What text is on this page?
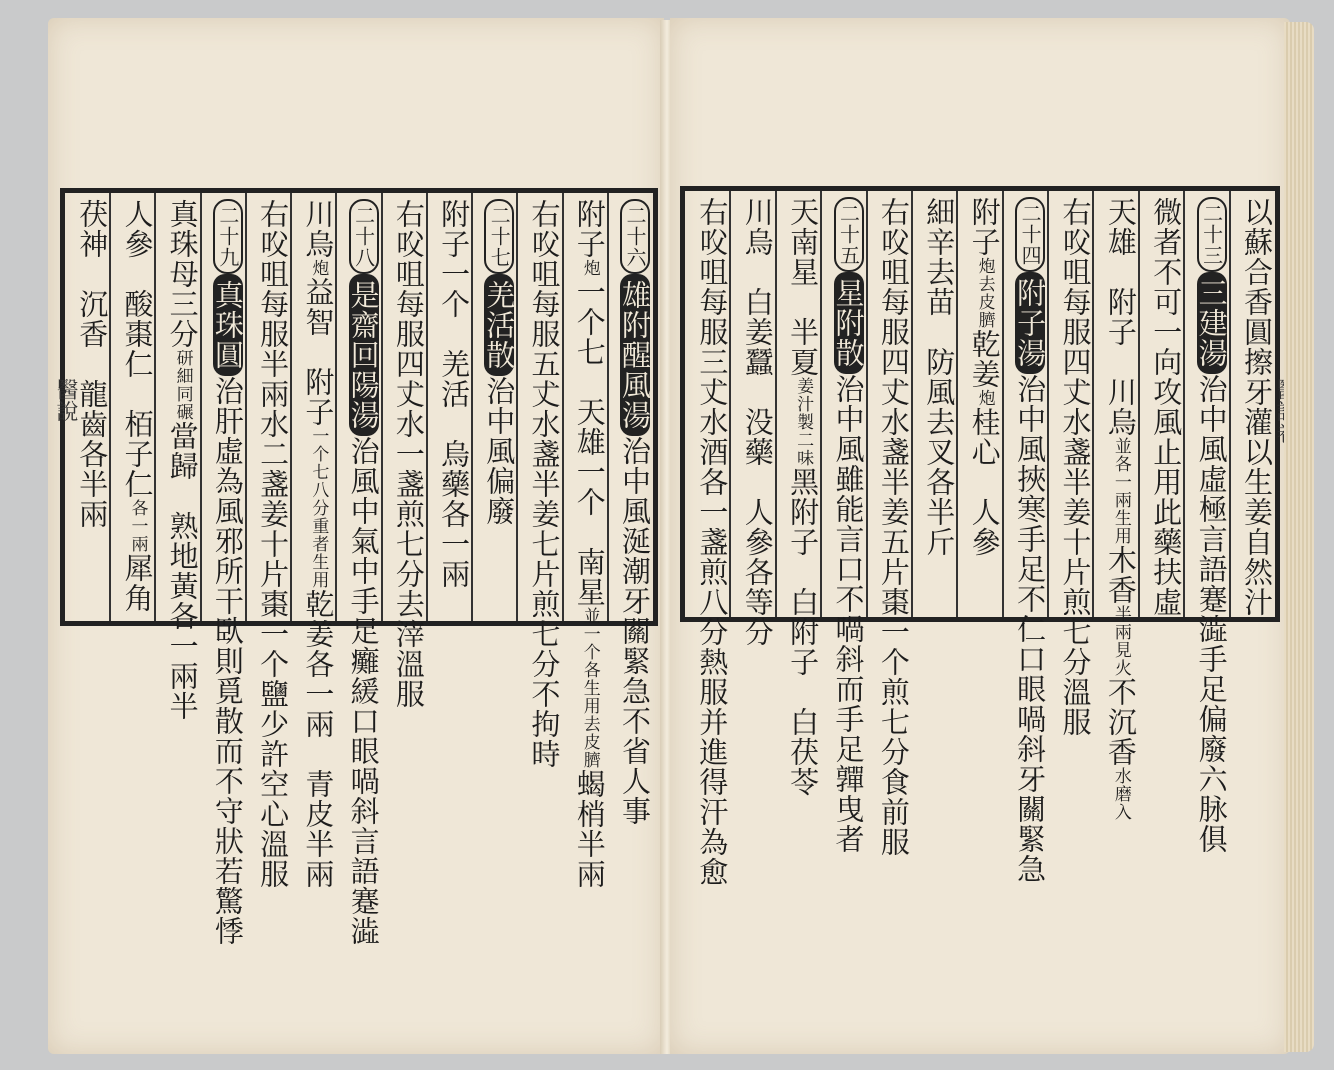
二十六雄附醒風湯治中風涎潮牙關緊急不省人事
附子炮一个七　天雄一个　南星並一个各生用去皮臍蝎梢半兩
右㕮咀每服五𠀋水盞半姜七片煎七分不拘時
二十七羌活散治中風偏廢
附子一个　羌活　烏藥各一兩
右㕮咀每服四𠀋水一盞煎七分去滓溫服
二十八是齋回陽湯治風中氣中手足癱緩口眼喎斜言語蹇澁
川烏炮益智　附子一个七八分重者生用乾姜各一兩　青皮半兩
右㕮咀每服半兩水二盞姜十片棗一个鹽少許空心溫服
二十九真珠圓治肝虛為風邪所干臥則覓散而不守狀若驚悸
真珠母三分研細同碾當歸　熟地黃各一兩半
人參　酸棗仁　栢子仁各一兩犀角
茯神　沉香　龍齒各半兩
醫說	以蘇合香圓擦牙灌以生姜自然汁
二十三三建湯治中風虛極言語蹇澁手足偏廢六脉俱
微者不可一向攻風止用此藥扶虛
天雄　附子　川烏並各一兩生用木香半兩見火不沉香水磨入
右㕮咀每服四𠀋水盞半姜十片煎七分溫服
二十四附子湯治中風挾寒手足不仁口眼喎斜牙關緊急
附子炮去皮臍乾姜炮桂心　人參
細辛去苗　防風去叉各半斤
右㕮咀每服四𠀋水盞半姜五片棗一个煎七分食前服
二十五星附散治中風雖能言口不喎斜而手足嚲曳者
天南星　半夏姜汁製二味黑附子　白附子　白茯苓
川烏　白姜蠶　没藥　人參各等分
右㕮咀每服三𠀋水酒各一盞煎八分熱服并進得汗為愈
